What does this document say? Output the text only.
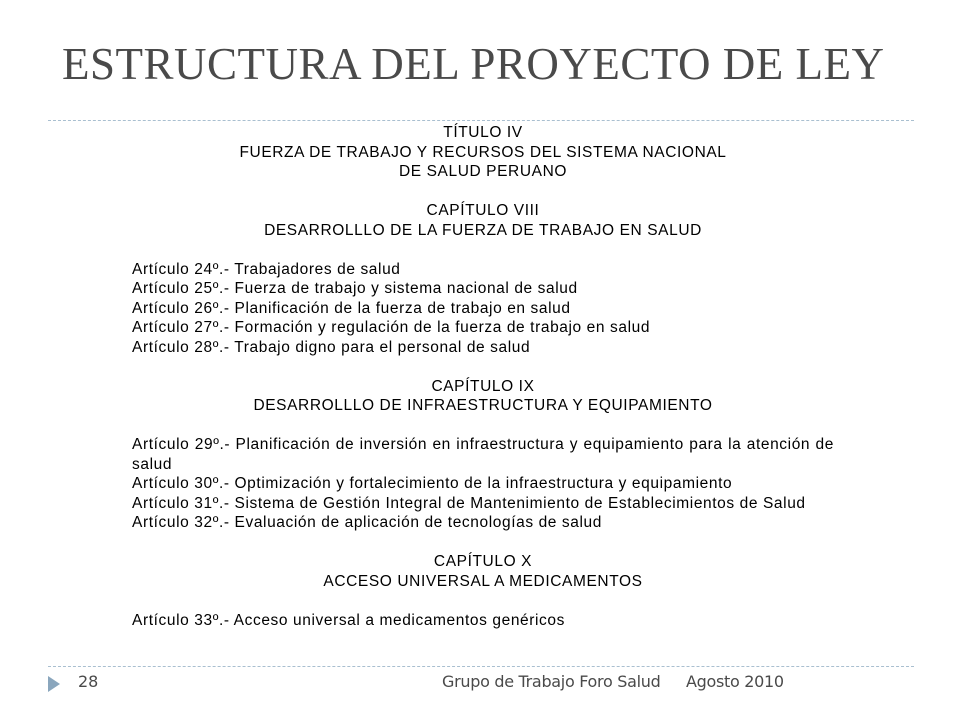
ESTRUCTURA DEL PROYECTO DE LEY
TÍTULO IV
FUERZA DE TRABAJO Y RECURSOS DEL SISTEMA NACIONAL
DE SALUD PERUANO
CAPÍTULO VIII
DESARROLLLO DE LA FUERZA DE TRABAJO EN SALUD
Artículo 24º.- Trabajadores de salud
Artículo 25º.- Fuerza de trabajo y sistema nacional de salud
Artículo 26º.- Planificación de la fuerza de trabajo en salud
Artículo 27º.- Formación y regulación de la fuerza de trabajo en salud
Artículo 28º.- Trabajo digno para el personal de salud
CAPÍTULO IX
DESARROLLLO DE INFRAESTRUCTURA Y EQUIPAMIENTO
Artículo 29º.- Planificación de inversión en infraestructura y equipamiento para la atención de salud
Artículo 30º.- Optimización y fortalecimiento de la infraestructura y equipamiento
Artículo 31º.- Sistema de Gestión Integral de Mantenimiento de Establecimientos de Salud
Artículo 32º.- Evaluación de aplicación de tecnologías de salud
CAPÍTULO X
ACCESO UNIVERSAL A MEDICAMENTOS
Artículo 33º.- Acceso universal a medicamentos genéricos
28	Grupo de Trabajo Foro Salud Agosto 2010
